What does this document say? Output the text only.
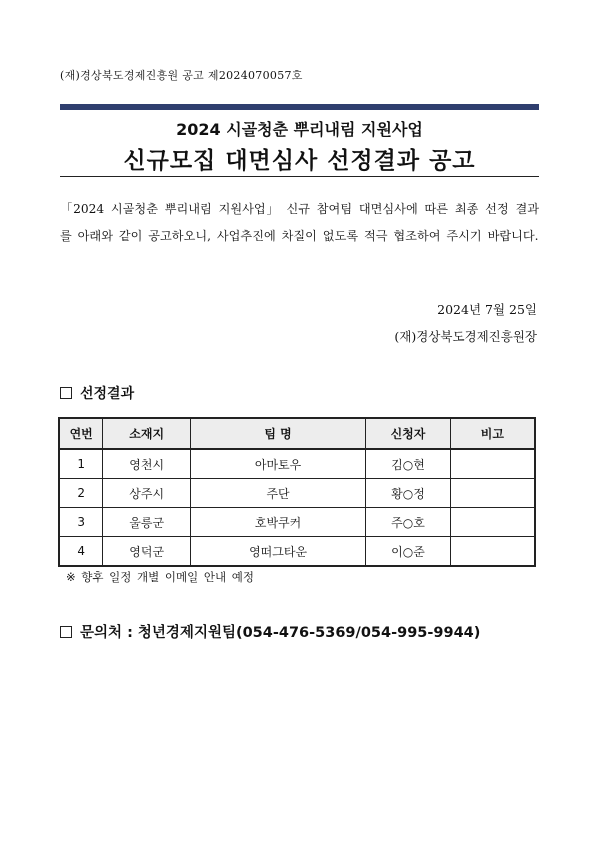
(재)경상북도경제진흥원 공고 제2024070057호
2024 시골청춘 뿌리내림 지원사업
신규모집 대면심사 선정결과 공고
「2024 시골청춘 뿌리내림 지원사업」 신규 참여팀 대면심사에 따른 최종 선정 결과를 아래와 같이 공고하오니, 사업추진에 차질이 없도록 적극 협조하여 주시기 바랍니다.
2024년 7월 25일
(재)경상북도경제진흥원장
선정결과
연번	소재지	팀 명	신청자	비고
1	영천시	아마토우	김○현	
2	상주시	주단	황○정	
3	울릉군	호박쿠커	주○호	
4	영덕군	영떠그타운	이○준	
※ 향후 일정 개별 이메일 안내 예정
문의처 : 청년경제지원팀(054-476-5369/054-995-9944)
